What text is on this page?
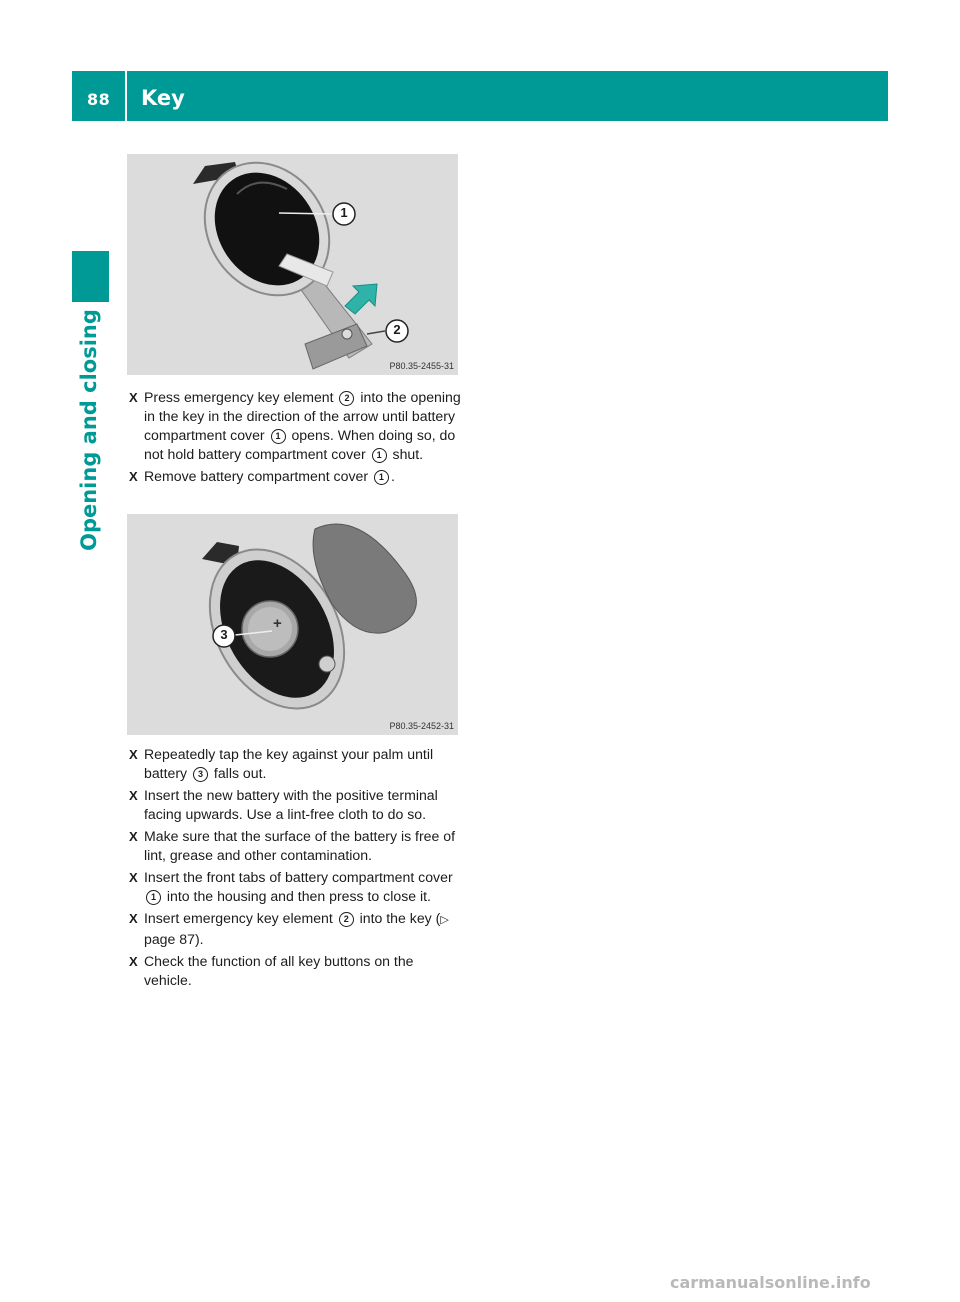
88 Key
Opening and closing
1
2
P80.35-2455-31
X Press emergency key element 2 into the opening in the key in the direction of the arrow until battery compartment cover 1 opens. When doing so, do not hold battery compartment cover 1 shut.
X Remove battery compartment cover 1 .
+
3
P80.35-2452-31
X Repeatedly tap the key against your palm until battery 3 falls out.
X Insert the new battery with the positive terminal facing upwards. Use a lint-free cloth to do so.
X Make sure that the surface of the battery is free of lint, grease and other contamination.
X Insert the front tabs of battery compartment cover 1 into the housing and then press to close it.
X Insert emergency key element 2 into the key (▷ page 87).
X Check the function of all key buttons on the vehicle.
carmanualsonline.info
